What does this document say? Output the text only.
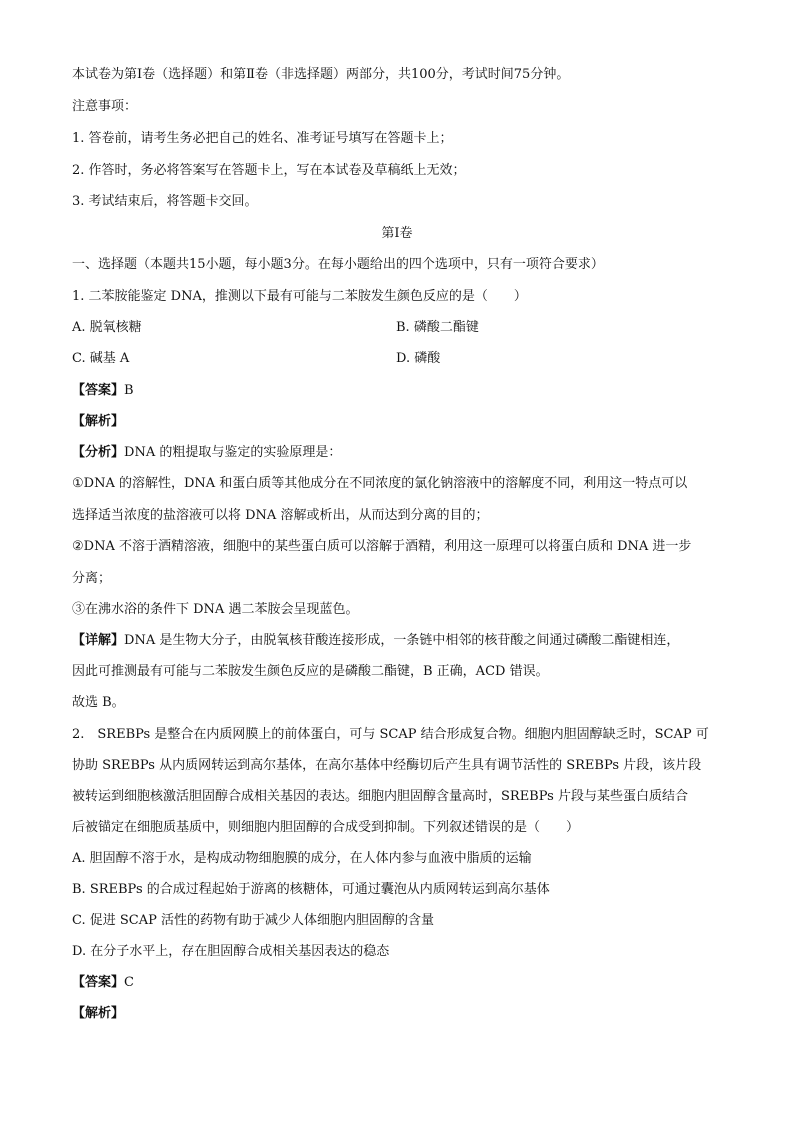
本试卷为第Ⅰ卷（选择题）和第Ⅱ卷（非选择题）两部分，共100分，考试时间75分钟。
注意事项：
1. 答卷前，请考生务必把自己的姓名、准考证号填写在答题卡上；
2. 作答时，务必将答案写在答题卡上，写在本试卷及草稿纸上无效；
3. 考试结束后，将答题卡交回。
第Ⅰ卷
一、选择题（本题共15小题，每小题3分。在每小题给出的四个选项中，只有一项符合要求）
1. 二苯胺能鉴定 DNA，推测以下最有可能与二苯胺发生颜色反应的是（　　）
A. 脱氧核糖	B. 磷酸二酯键
C. 碱基 A	D. 磷酸
【答案】B
【解析】
【分析】DNA 的粗提取与鉴定的实验原理是：
①DNA 的溶解性，DNA 和蛋白质等其他成分在不同浓度的氯化钠溶液中的溶解度不同，利用这一特点可以
选择适当浓度的盐溶液可以将 DNA 溶解或析出，从而达到分离的目的；
②DNA 不溶于酒精溶液，细胞中的某些蛋白质可以溶解于酒精，利用这一原理可以将蛋白质和 DNA 进一步
分离；
③在沸水浴的条件下 DNA 遇二苯胺会呈现蓝色。
【详解】DNA 是生物大分子，由脱氧核苷酸连接形成，一条链中相邻的核苷酸之间通过磷酸二酯键相连，
因此可推测最有可能与二苯胺发生颜色反应的是磷酸二酯键，B 正确，ACD 错误。
故选 B。
2.　SREBPs 是整合在内质网膜上的前体蛋白，可与 SCAP 结合形成复合物。细胞内胆固醇缺乏时，SCAP 可
协助 SREBPs 从内质网转运到高尔基体，在高尔基体中经酶切后产生具有调节活性的 SREBPs 片段，该片段
被转运到细胞核激活胆固醇合成相关基因的表达。细胞内胆固醇含量高时，SREBPs 片段与某些蛋白质结合
后被锚定在细胞质基质中，则细胞内胆固醇的合成受到抑制。下列叙述错误的是（　　）
A. 胆固醇不溶于水，是构成动物细胞膜的成分，在人体内参与血液中脂质的运输
B. SREBPs 的合成过程起始于游离的核糖体，可通过囊泡从内质网转运到高尔基体
C. 促进 SCAP 活性的药物有助于减少人体细胞内胆固醇的含量
D. 在分子水平上，存在胆固醇合成相关基因表达的稳态
【答案】C
【解析】
